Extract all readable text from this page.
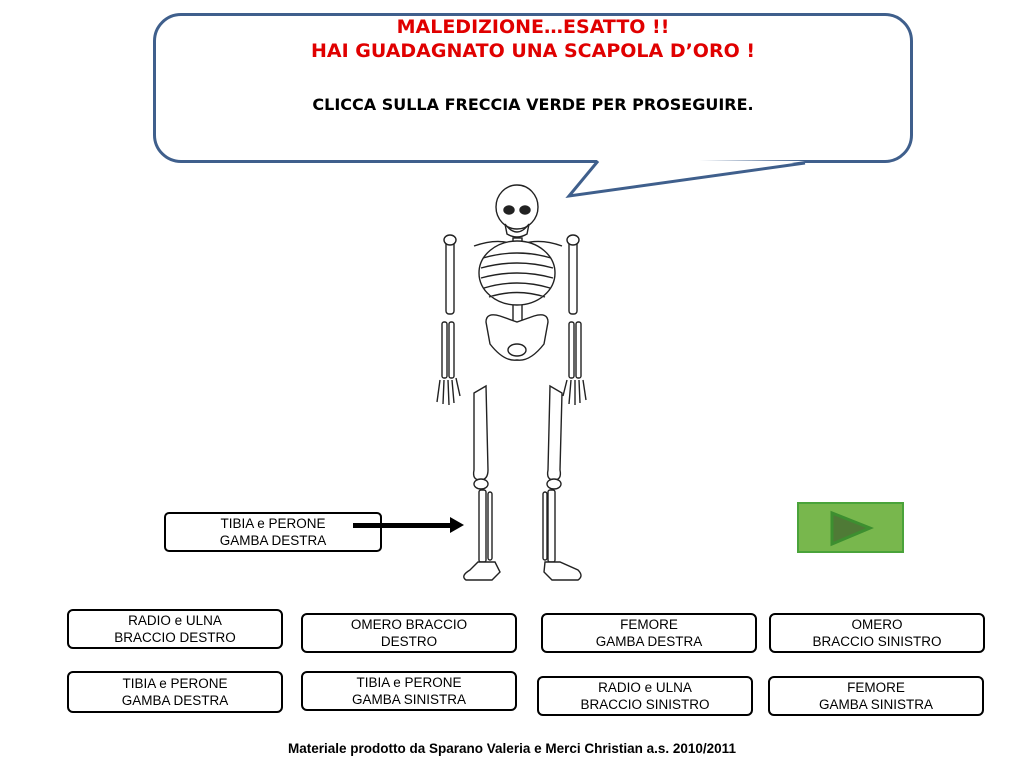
MALEDIZIONE…ESATTO !!
HAI GUADAGNATO UNA SCAPOLA D’ORO !
CLICCA SULLA FRECCIA VERDE PER PROSEGUIRE.
TIBIA e PERONE
GAMBA DESTRA
RADIO e ULNA
BRACCIO DESTRO
OMERO BRACCIO
DESTRO
FEMORE
GAMBA DESTRA
OMERO
BRACCIO SINISTRO
TIBIA e PERONE
GAMBA DESTRA
TIBIA e PERONE
GAMBA SINISTRA
RADIO e ULNA
BRACCIO SINISTRO
FEMORE
GAMBA SINISTRA
Materiale prodotto da Sparano Valeria e Merci Christian a.s. 2010/2011
